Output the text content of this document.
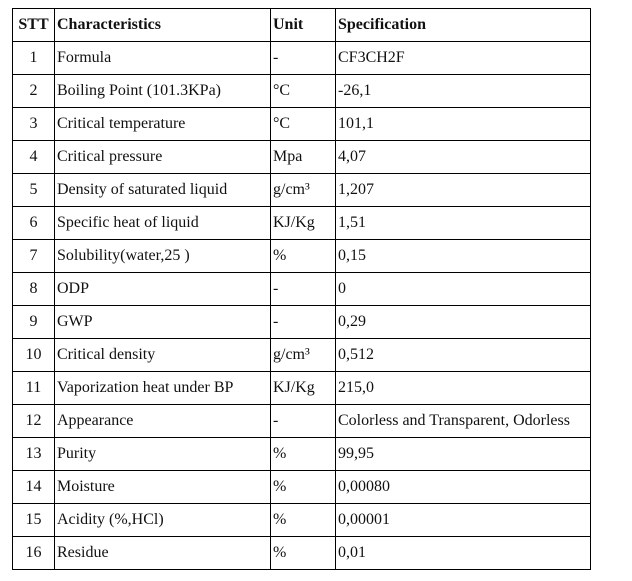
STT	Characteristics	Unit	Specification
1	Formula	-	CF3CH2F
2	Boiling Point (101.3KPa)	°C	-26,1
3	Critical temperature	°C	101,1
4	Critical pressure	Mpa	4,07
5	Density of saturated liquid	g/cm³	1,207
6	Specific heat of liquid	KJ/Kg	1,51
7	Solubility(water,25 )	%	0,15
8	ODP	-	0
9	GWP	-	0,29
10	Critical density	g/cm³	0,512
11	Vaporization heat under BP	KJ/Kg	215,0
12	Appearance	-	Colorless and Transparent, Odorless
13	Purity	%	99,95
14	Moisture	%	0,00080
15	Acidity (%,HCl)	%	0,00001
16	Residue	%	0,01
